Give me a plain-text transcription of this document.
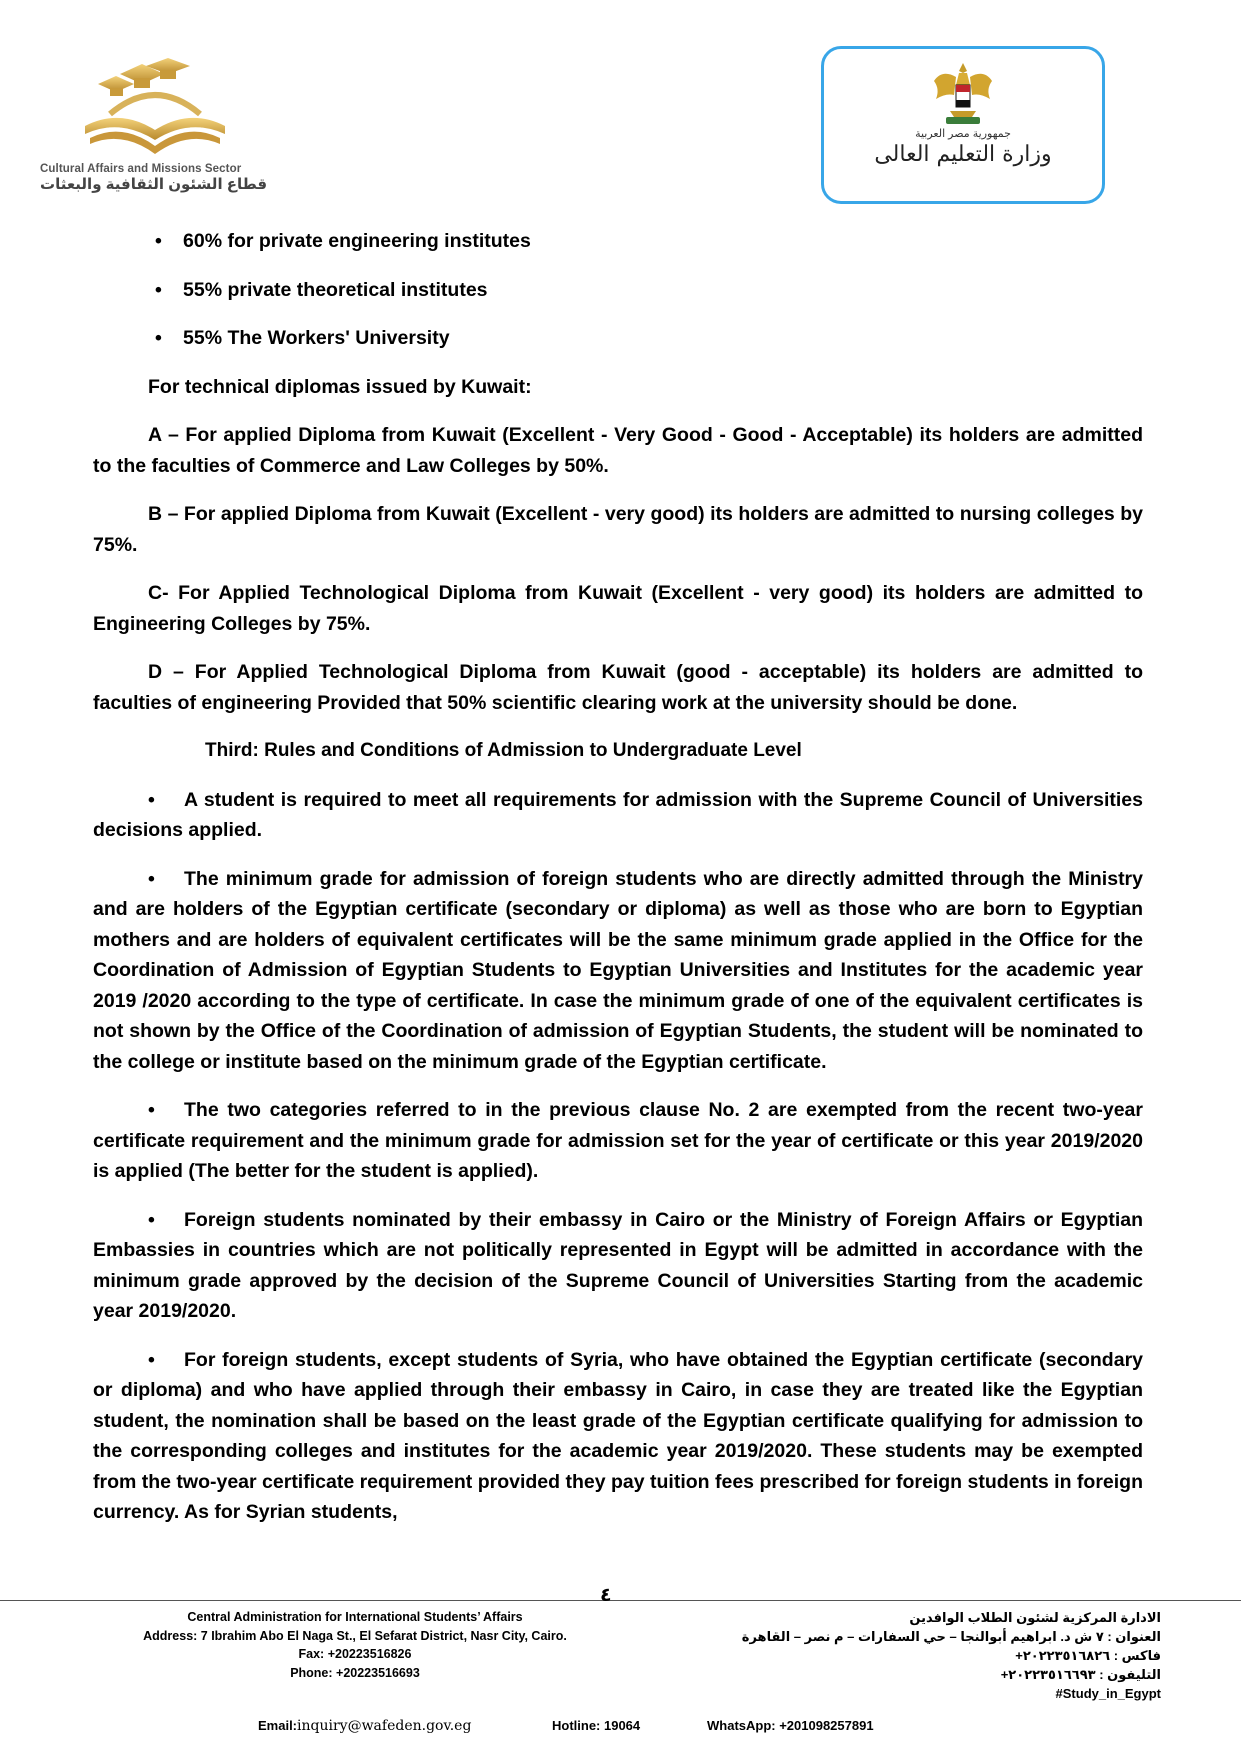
Cultural Affairs and Missions Sector
قطاع الشئون الثقافية والبعثات
جمهورية مصر العربية
وزارة التعليم العالى
• 60% for private engineering institutes
• 55% private theoretical institutes
• 55% The Workers' University
For technical diplomas issued by Kuwait:

A – For applied Diploma from Kuwait (Excellent - Very Good - Good - Acceptable) its holders are admitted to the faculties of Commerce and Law Colleges by 50%.

B – For applied Diploma from Kuwait (Excellent - very good) its holders are admitted to nursing colleges by 75%.

C- For Applied Technological Diploma from Kuwait (Excellent - very good) its holders are admitted to Engineering Colleges by 75%.

D – For Applied Technological Diploma from Kuwait (good - acceptable) its holders are admitted to faculties of engineering Provided that 50% scientific clearing work at the university should be done.

Third: Rules and Conditions of Admission to Undergraduate Level

• A student is required to meet all requirements for admission with the Supreme Council of Universities decisions applied.

• The minimum grade for admission of foreign students who are directly admitted through the Ministry and are holders of the Egyptian certificate (secondary or diploma) as well as those who are born to Egyptian mothers and are holders of equivalent certificates will be the same minimum grade applied in the Office for the Coordination of Admission of Egyptian Students to Egyptian Universities and Institutes for the academic year 2019 /2020 according to the type of certificate. In case the minimum grade of one of the equivalent certificates is not shown by the Office of the Coordination of admission of Egyptian Students, the student will be nominated to the college or institute based on the minimum grade of the Egyptian certificate.

• The two categories referred to in the previous clause No. 2 are exempted from the recent two-year certificate requirement and the minimum grade for admission set for the year of certificate or this year 2019/2020 is applied (The better for the student is applied).

• Foreign students nominated by their embassy in Cairo or the Ministry of Foreign Affairs or Egyptian Embassies in countries which are not politically represented in Egypt will be admitted in accordance with the minimum grade approved by the decision of the Supreme Council of Universities Starting from the academic year 2019/2020.

• For foreign students, except students of Syria, who have obtained the Egyptian certificate (secondary or diploma) and who have applied through their embassy in Cairo, in case they are treated like the Egyptian student, the nomination shall be based on the least grade of the Egyptian certificate qualifying for admission to the corresponding colleges and institutes for the academic year 2019/2020. These students may be exempted from the two-year certificate requirement provided they pay tuition fees prescribed for foreign students in foreign currency. As for Syrian students,

٤
Central Administration for International Students’ Affairs
Address: 7 Ibrahim Abo El Naga St., El Sefarat District, Nasr City, Cairo.
Fax: +20223516826
Phone: +20223516693
الادارة المركزية لشئون الطلاب الوافدين
العنوان : ٧ ش د. ابراهيم أبوالنجا – حي السفارات – م نصر – القاهرة
فاكس : ٢٠٢٢٣٥١٦٨٢٦+
التليفون : ٢٠٢٢٣٥١٦٦٩٣+
#Study_in_Egypt
Email:inquiry@wafeden.gov.eg	Hotline: 19064	WhatsApp: +201098257891
